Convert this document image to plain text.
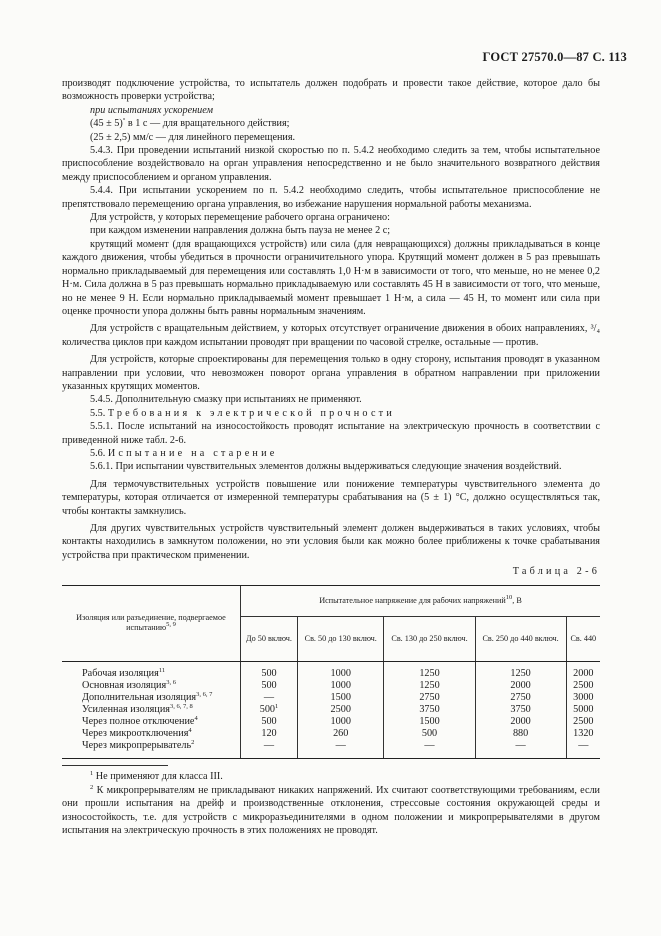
ГОСТ 27570.0—87 С. 113

производят подключение устройства, то испытатель должен подобрать и провести такое действие, которое дало бы возможность проверки устройства;

при испытаниях ускорением

(45 ± 5)° в 1 с — для вращательного действия;

(25 ± 2,5) мм/с — для линейного перемещения.

5.4.3. При проведении испытаний низкой скоростью по п. 5.4.2 необходимо следить за тем, чтобы испытательное приспособление воздействовало на орган управления непосредственно и не было значительного возвратного действия между приспособлением и органом управления.

5.4.4. При испытании ускорением по п. 5.4.2 необходимо следить, чтобы испытательное приспособление не препятствовало перемещению органа управления, во избежание нарушения нормальной работы механизма.

Для устройств, у которых перемещение рабочего органа ограничено:

при каждом изменении направления должна быть пауза не менее 2 с;

крутящий момент (для вращающихся устройств) или сила (для невращающихся) должны прикладываться в конце каждого движения, чтобы убедиться в прочности ограничительного упора. Крутящий момент должен в 5 раз превышать нормально прикладываемый для перемещения или составлять 1,0 Н·м в зависимости от того, что меньше, но не менее 0,2 Н·м. Сила должна в 5 раз превышать нормально прикладываемую или составлять 45 Н в зависимости от того, что меньше, но не менее 9 Н. Если нормально прикладываемый момент превышает 1 Н·м, а сила — 45 Н, то момент или сила при оценке прочности упора должны быть равны нормальным значениям.

Для устройств с вращательным действием, у которых отсутствует ограничение движения в обоих направлениях, ³/₄ количества циклов при каждом испытании проводят при вращении по часовой стрелке, остальные — против.

Для устройств, которые спроектированы для перемещения только в одну сторону, испытания проводят в указанном направлении при условии, что невозможен поворот органа управления в обратном направлении при приложении указанных крутящих моментов.

5.4.5. Дополнительную смазку при испытаниях не применяют.

5.5. Требования к электрической прочности

5.5.1. После испытаний на износостойкость проводят испытание на электрическую прочность в соответствии с приведенной ниже табл. 2-6.

5.6. Испытание на старение

5.6.1. При испытании чувствительных элементов должны выдерживаться следующие значения воздействий.

Для термочувствительных устройств повышение или понижение температуры чувствительного элемента до температуры, которая отличается от измеренной температуры срабатывания на (5 ± 1) °С, должно осуществляться так, чтобы контакты замкнулись.

Для других чувствительных устройств чувствительный элемент должен выдерживаться в таких условиях, чтобы контакты находились в замкнутом положении, но эти условия были как можно более приближены к точке срабатывания устройства при практическом применении.

Таблица 2-6

Изоляция или разъединение, подвергаемое испытанию$^{5, 9}$	Испытательное напряжение для рабочих напряжений$^{10}$, В				
	До 50 включ.	Св. 50 до 130 включ.	Св. 130 до 250 включ.	Св. 250 до 440 включ.	Св. 440
Рабочая изоляция$^{11}$	500	1000	1250	1250	2000
Основная изоляция$^{3, 6}$	500	1000	1250	2000	2500
Дополнительная изоляция$^{3, 6, 7}$	—	1500	2750	2750	3000
Усиленная изоляция$^{3, 6, 7, 8}$	$500^1$	2500	3750	3750	5000
Через полное отключение$^4$	500	1000	1500	2000	2500
Через микроотключения$^4$	120	260	500	880	1320
Через микропрерыватель$^2$	—	—	—	—	—

$^1$ Не применяют для класса III.

$^2$ К микропрерывателям не прикладывают никаких напряжений. Их считают соответствующими требованиям, если они прошли испытания на дрейф и производственные отклонения, стрессовые состояния окружающей среды и износостойкость, т.е. для устройств с микроразъединителями в одном положении и микропрерывателями в другом испытания на электрическую прочность в этих положениях не проводят.
